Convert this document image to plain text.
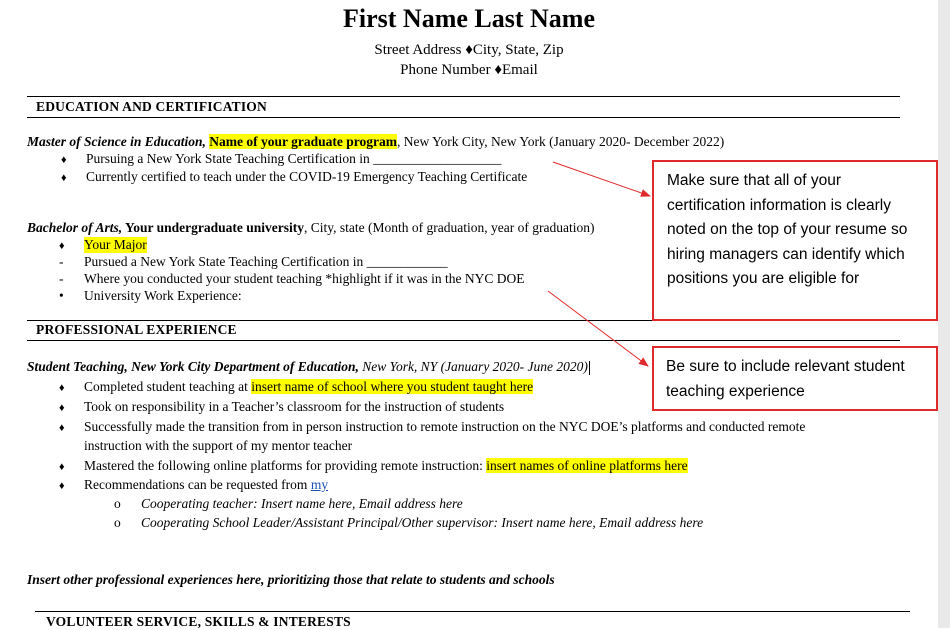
First Name Last Name
Street Address ♦City, State, Zip
Phone Number ♦Email
EDUCATION AND CERTIFICATION
Master of Science in Education, Name of your graduate program, New York City, New York (January 2020- December 2022)
♦ Pursuing a New York State Teaching Certification in ___________________
♦ Currently certified to teach under the COVID-19 Emergency Teaching Certificate
Bachelor of Arts, Your undergraduate university, City, state (Month of graduation, year of graduation)
♦ Your Major
- Pursued a New York State Teaching Certification in ____________
- Where you conducted your student teaching *highlight if it was in the NYC DOE
• University Work Experience:
PROFESSIONAL EXPERIENCE
Student Teaching, New York City Department of Education, New York, NY (January 2020- June 2020)
♦ Completed student teaching at insert name of school where you student taught here
♦ Took on responsibility in a Teacher’s classroom for the instruction of students
♦ Successfully made the transition from in person instruction to remote instruction on the NYC DOE’s platforms and conducted remote
instruction with the support of my mentor teacher
♦ Mastered the following online platforms for providing remote instruction: insert names of online platforms here
♦ Recommendations can be requested from my
o Cooperating teacher: Insert name here, Email address here
o Cooperating School Leader/Assistant Principal/Other supervisor: Insert name here, Email address here
Insert other professional experiences here, prioritizing those that relate to students and schools
VOLUNTEER SERVICE, SKILLS & INTERESTS
Make sure that all of your
certification information is clearly
noted on the top of your resume so
hiring managers can identify which
positions you are eligible for
Be sure to include relevant student
teaching experience
